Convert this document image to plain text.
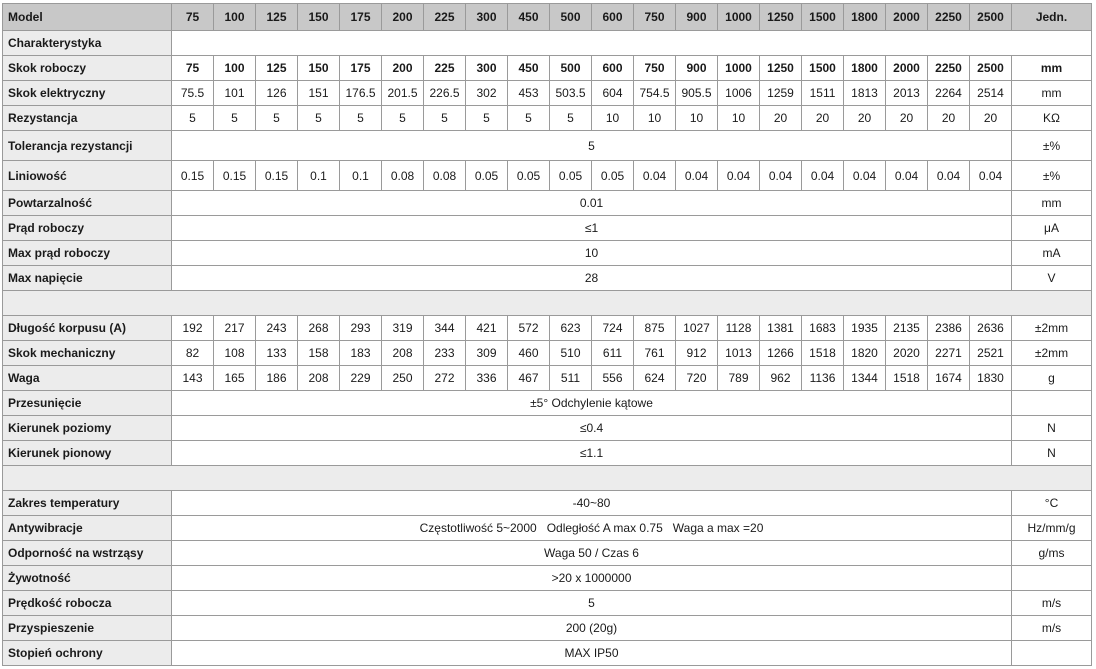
Model	75	100	125	150	175	200	225	300	450	500	600	750	900	1000	1250	1500	1800	2000	2250	2500	Jedn.
Charakterystyka																					
Skok roboczy	75	100	125	150	175	200	225	300	450	500	600	750	900	1000	1250	1500	1800	2000	2250	2500	mm
Skok elektryczny	75.5	101	126	151	176.5	201.5	226.5	302	453	503.5	604	754.5	905.5	1006	1259	1511	1813	2013	2264	2514	mm
Rezystancja	5	5	5	5	5	5	5	5	5	5	10	10	10	10	20	20	20	20	20	20	KΩ
Tolerancja rezystancji	5																				±%
Liniowość	0.15	0.15	0.15	0.1	0.1	0.08	0.08	0.05	0.05	0.05	0.05	0.04	0.04	0.04	0.04	0.04	0.04	0.04	0.04	0.04	±%
Powtarzalność	0.01																				mm
Prąd roboczy	≤1																				μA
Max prąd roboczy	10																				mA
Max napięcie	28																				V

Długość korpusu (A)	192	217	243	268	293	319	344	421	572	623	724	875	1027	1128	1381	1683	1935	2135	2386	2636	±2mm
Skok mechaniczny	82	108	133	158	183	208	233	309	460	510	611	761	912	1013	1266	1518	1820	2020	2271	2521	±2mm
Waga	143	165	186	208	229	250	272	336	467	511	556	624	720	789	962	1136	1344	1518	1674	1830	g
Przesunięcie	±5° Odchylenie kątowe																				
Kierunek poziomy	≤0.4																				N
Kierunek pionowy	≤1.1																				N

Zakres temperatury	-40~80																				°C
Antywibracje	Częstotliwość 5~2000   Odległość A max 0.75   Waga a max =20																				Hz/mm/g
Odporność na wstrząsy	Waga 50 / Czas 6																				g/ms
Żywotność	>20 x 1000000																				
Prędkość robocza	5																				m/s
Przyspieszenie	200 (20g)																				m/s
Stopień ochrony	MAX IP50																				
